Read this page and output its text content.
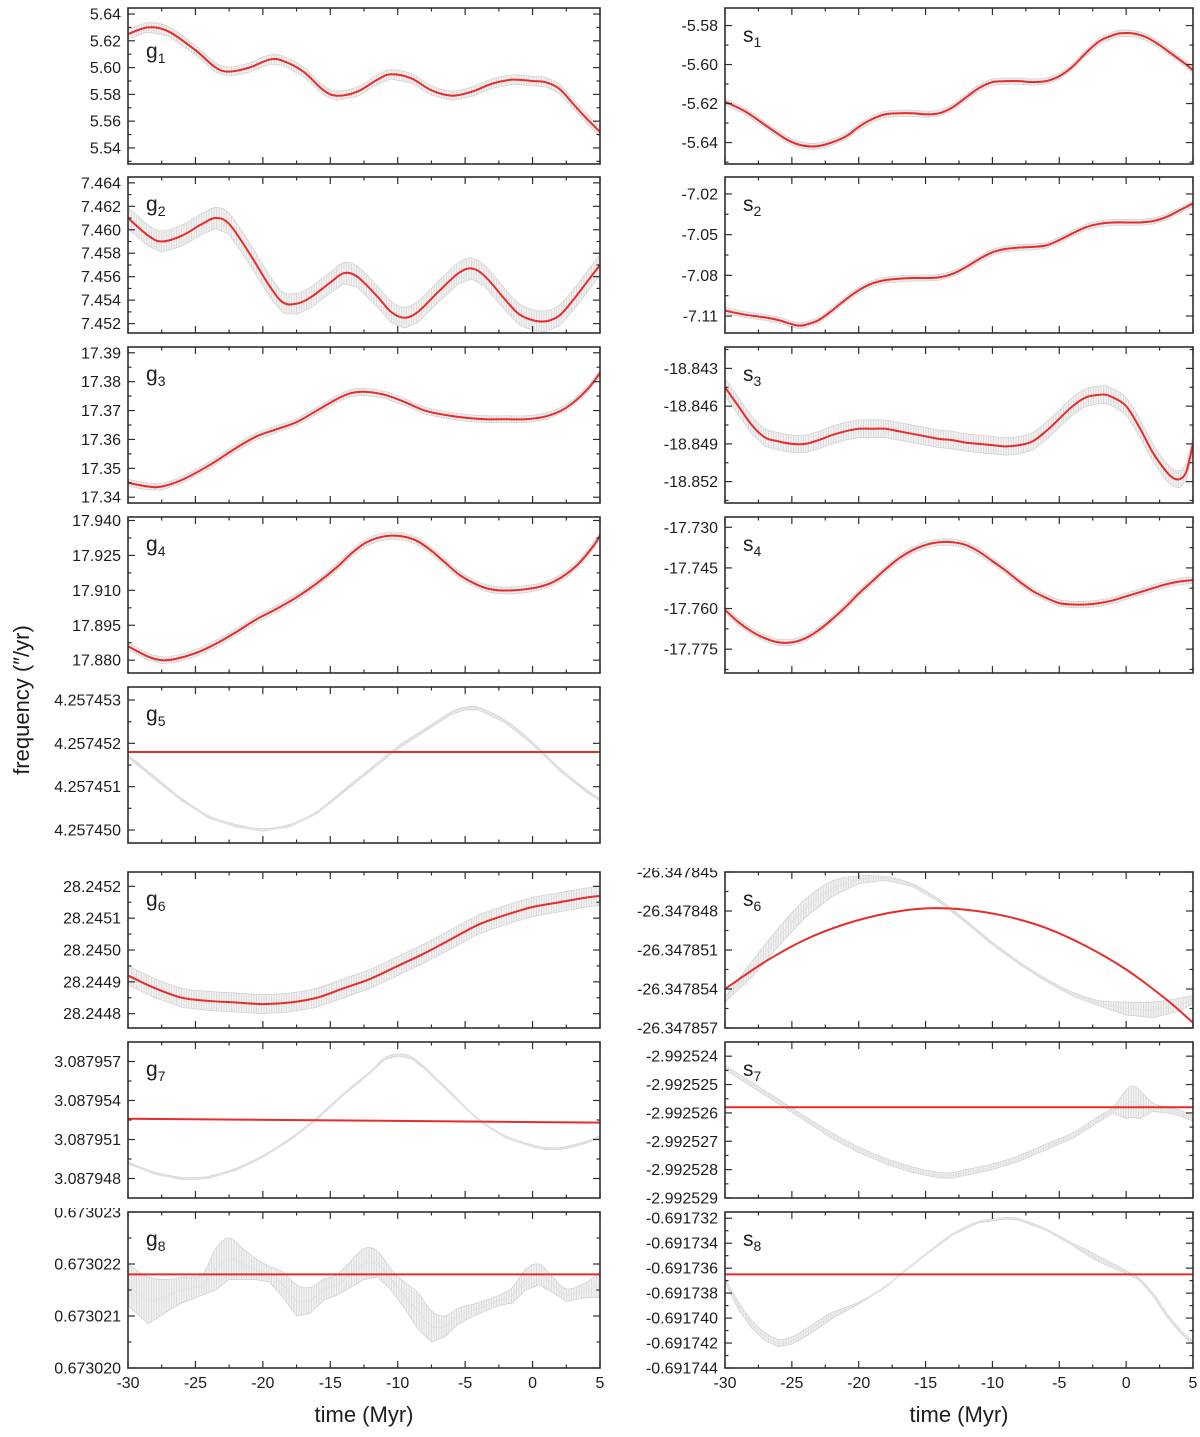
frequency (″/yr)
5.54
5.56
5.58
5.60
5.62
5.64
$g_1$
7.452
7.454
7.456
7.458
7.460
7.462
7.464
$g_2$
17.34
17.35
17.36
17.37
17.38
17.39
$g_3$
17.880
17.895
17.910
17.925
17.940
$g_4$
4.257450
4.257451
4.257452
4.257453
$g_5$
28.2448
28.2449
28.2450
28.2451
28.2452
$g_6$
3.087948
3.087951
3.087954
3.087957 $g_7$
0.673020
0.673021
0.673022
0.673023
-30	-25	-20	-15	-10	-5	0	5
$g_8$
-5.64
-5.62
-5.60
-5.58 $s_1$
-7.11
-7.08
-7.05
-7.02 $s_2$
-18.852
-18.849
-18.846
-18.843 $s_3$
-17.775
-17.760
-17.745
-17.730
$s_4$
-26.347857
-26.347854
-26.347851
-26.347848
-26.347845
$s_6$
-2.992529
-2.992528
-2.992527
-2.992526
-2.992525
-2.992524
$s_7$
-0.691744
-0.691742
-0.691740
-0.691738
-0.691736
-0.691734
-0.691732
-30	-25	-20	-15	-10	-5	0	5
$s_8$
time (Myr)	time (Myr)
